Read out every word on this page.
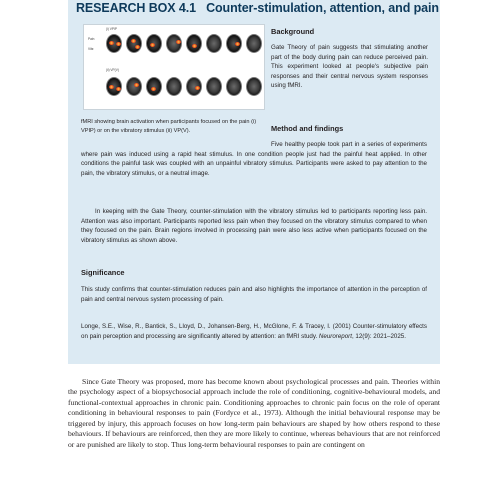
RESEARCH BOX 4.1 Counter-stimulation, attention, and pain
(i) VPIP
Pain
Vibr.
(ii) VP(V)
fMRI showing brain activation when participants focused on the pain (i) VPIP) or on the vibratory stimulus (ii) VP(V).
Background
Gate Theory of pain suggests that stimulating another part of the body during pain can reduce perceived pain. This experiment looked at people's subjective pain responses and their central nervous system responses using fMRI.
Method and findings
Five healthy people took part in a series of experiments where pain was induced using a rapid heat stimulus. In one condition people just had the painful heat applied. In other conditions the painful task was coupled with an unpainful vibratory stimulus. Participants were asked to pay attention to the pain, the vibratory stimulus, or a neutral image.
In keeping with the Gate Theory, counter-stimulation with the vibratory stimulus led to participants reporting less pain. Attention was also important. Participants reported less pain when they focused on the vibratory stimulus compared to when they focused on the pain. Brain regions involved in processing pain were also less active when participants focused on the vibratory stimulus as shown above.
Significance
This study confirms that counter-stimulation reduces pain and also highlights the importance of attention in the perception of pain and central nervous system processing of pain.
Longe, S.E., Wise, R., Bantick, S., Lloyd, D., Johansen-Berg, H., McGlone, F. & Tracey, I. (2001) Counter-stimulatory effects on pain perception and processing are significantly altered by attention: an fMRI study. Neuroreport, 12(9): 2021–2025.
Since Gate Theory was proposed, more has become known about psychological processes and pain. Theories within the psychology aspect of a biopsychosocial approach include the role of conditioning, cognitive-behavioural models, and functional-contextual approaches in chronic pain. Conditioning approaches to chronic pain focus on the role of operant conditioning in behavioural responses to pain (Fordyce et al., 1973). Although the initial behavioural response may be triggered by injury, this approach focuses on how long-term pain behaviours are shaped by how others respond to these behaviours. If behaviours are reinforced, then they are more likely to continue, whereas behaviours that are not reinforced or are punished are likely to stop. Thus long-term behavioural responses to pain are contingent on
